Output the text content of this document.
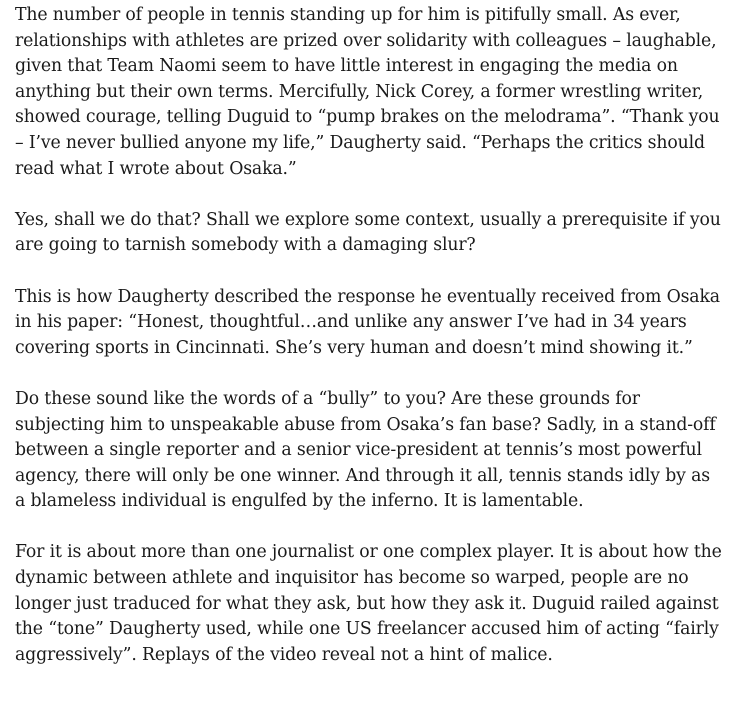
The number of people in tennis standing up for him is pitifully small. As ever, relationships with athletes are prized over solidarity with colleagues – laughable, given that Team Naomi seem to have little interest in engaging the media on anything but their own terms. Mercifully, Nick Corey, a former wrestling writer, showed courage, telling Duguid to “pump brakes on the melodrama”. “Thank you – I’ve never bullied anyone my life,” Daugherty said. “Perhaps the critics should read what I wrote about Osaka.”

Yes, shall we do that? Shall we explore some context, usually a prerequisite if you are going to tarnish somebody with a damaging slur?

This is how Daugherty described the response he eventually received from Osaka in his paper: “Honest, thoughtful…and unlike any answer I’ve had in 34 years covering sports in Cincinnati. She’s very human and doesn’t mind showing it.”

Do these sound like the words of a “bully” to you? Are these grounds for subjecting him to unspeakable abuse from Osaka’s fan base? Sadly, in a stand-off between a single reporter and a senior vice-president at tennis’s most powerful agency, there will only be one winner. And through it all, tennis stands idly by as a blameless individual is engulfed by the inferno. It is lamentable.

For it is about more than one journalist or one complex player. It is about how the dynamic between athlete and inquisitor has become so warped, people are no longer just traduced for what they ask, but how they ask it. Duguid railed against the “tone” Daugherty used, while one US freelancer accused him of acting “fairly aggressively”. Replays of the video reveal not a hint of malice.
